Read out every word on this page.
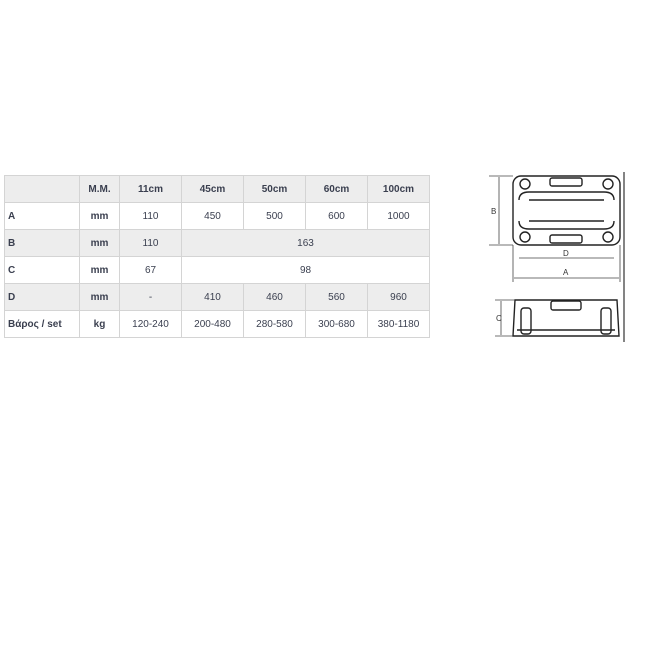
	M.M.	11cm	45cm	50cm	60cm	100cm
A	mm	110	450	500	600	1000
B	mm	110	163			
C	mm	67	98			
D	mm	-	410	460	560	960
Βάρος / set	kg	120-240	200-480	280-580	300-680	380-1180
B
D
A
C
